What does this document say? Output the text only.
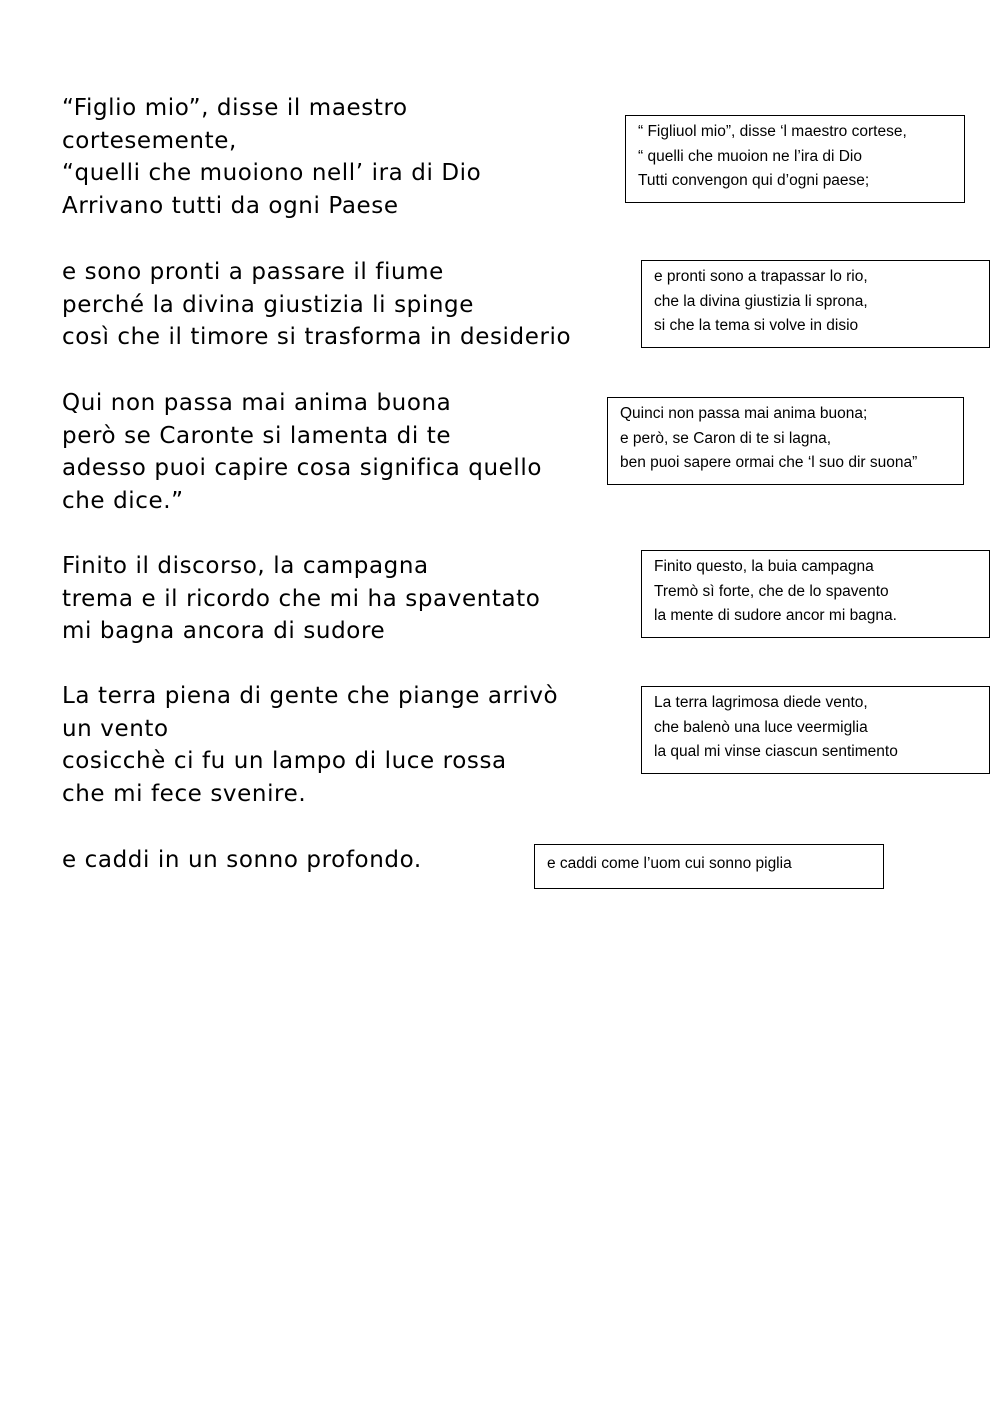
“Figlio mio”, disse il maestro
cortesemente,
“quelli che muoiono nell’ ira di Dio
Arrivano tutti da ogni Paese
“ Figliuol mio”, disse ‘l maestro cortese,
“ quelli che muoion ne l’ira di Dio
Tutti convengon qui d’ogni paese;
e sono pronti a passare il fiume
perché la divina giustizia li spinge
così che il timore si trasforma in desiderio
e pronti sono a trapassar lo rio,
che la divina giustizia li sprona,
si che la tema si volve in disio
Qui non passa mai anima buona
però se Caronte si lamenta di te
adesso puoi capire cosa significa quello
che dice.”
Quinci non passa mai anima buona;
e però, se Caron di te si lagna,
ben puoi sapere ormai che ‘l suo dir suona”
Finito il discorso, la campagna
trema e il ricordo che mi ha spaventato
mi bagna ancora di sudore
Finito questo, la buia campagna
Tremò sì forte, che de lo spavento
la mente di sudore ancor mi bagna.
La terra piena di gente che piange arrivò
un vento
cosicchè ci fu un lampo di luce rossa
che mi fece svenire.
La terra lagrimosa diede vento,
che balenò una luce veermiglia
la qual mi vinse ciascun sentimento
e caddi in un sonno profondo.	e caddi come l’uom cui sonno piglia
